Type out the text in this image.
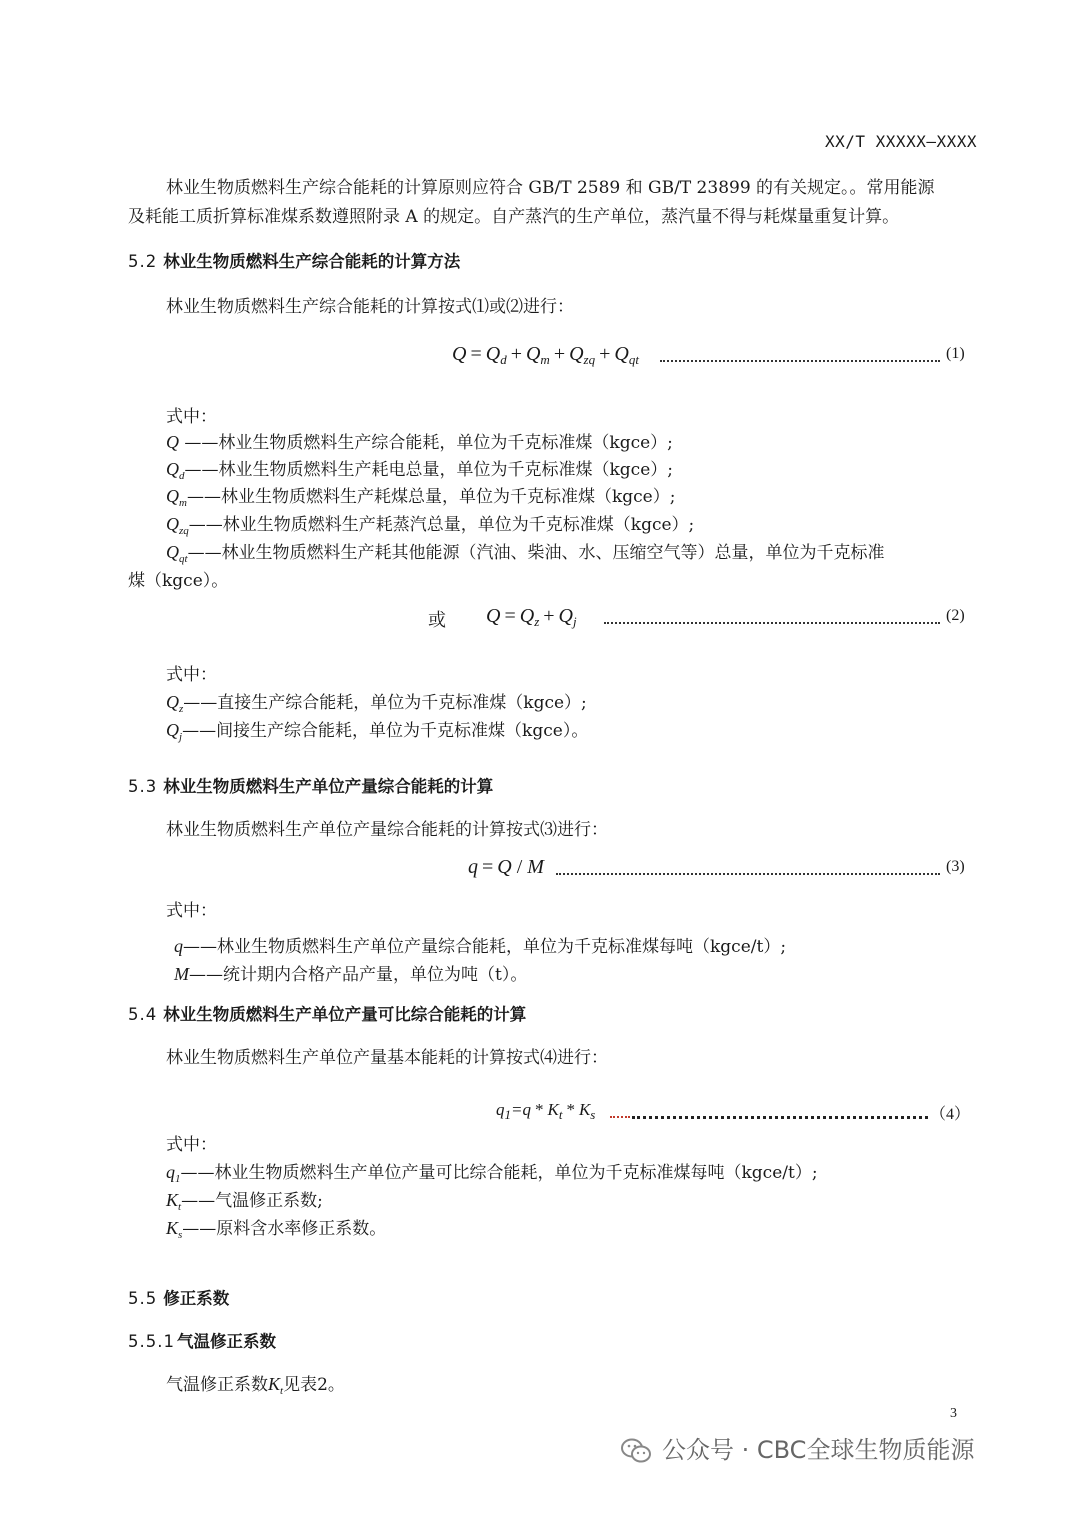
XX/T XXXXX—XXXX
林业生物质燃料生产综合能耗的计算原则应符合 GB/T 2589 和 GB/T 23899 的有关规定。。常用能源
及耗能工质折算标准煤系数遵照附录 A 的规定。自产蒸汽的生产单位，蒸汽量不得与耗煤量重复计算。
5.2 林业生物质燃料生产综合能耗的计算方法
林业生物质燃料生产综合能耗的计算按式⑴或⑵进行：
$Q = Q_d + Q_m + Q_{zq} + Q_{qt}$	(1)
式中：
Q ——林业生物质燃料生产综合能耗，单位为千克标准煤（kgce）;
$Q_d——$林业生物质燃料生产耗电总量，单位为千克标准煤（kgce）;
$Q_m——$林业生物质燃料生产耗煤总量，单位为千克标准煤（kgce）;
$Q_{zq}——$林业生物质燃料生产耗蒸汽总量，单位为千克标准煤（kgce）;
$Q_{qt}——$林业生物质燃料生产耗其他能源（汽油、柴油、水、压缩空气等）总量，单位为千克标准
煤（kgce）。
或 $Q = Q_z + Q_j$	(2)
式中：
$Q_z——$直接生产综合能耗，单位为千克标准煤（kgce）;
$Q_j——$间接生产综合能耗，单位为千克标准煤（kgce）。
5.3 林业生物质燃料生产单位产量综合能耗的计算
林业生物质燃料生产单位产量综合能耗的计算按式⑶进行：
q = Q / M	(3)
式中：
q——林业生物质燃料生产单位产量综合能耗，单位为千克标准煤每吨（kgce/t）;
M——统计期内合格产品产量，单位为吨（t）。
5.4 林业生物质燃料生产单位产量可比综合能耗的计算
林业生物质燃料生产单位产量基本能耗的计算按式⑷进行：
$q_1=q * K_t * K_s$	（4）
式中：
$q_1——$林业生物质燃料生产单位产量可比综合能耗，单位为千克标准煤每吨（kgce/t）;
$K_t——$气温修正系数;
$K_s——$原料含水率修正系数。
5.5 修正系数
5.5.1 气温修正系数
气温修正系数$K_t$见表2。
3
公众号 · CBC全球生物质能源
